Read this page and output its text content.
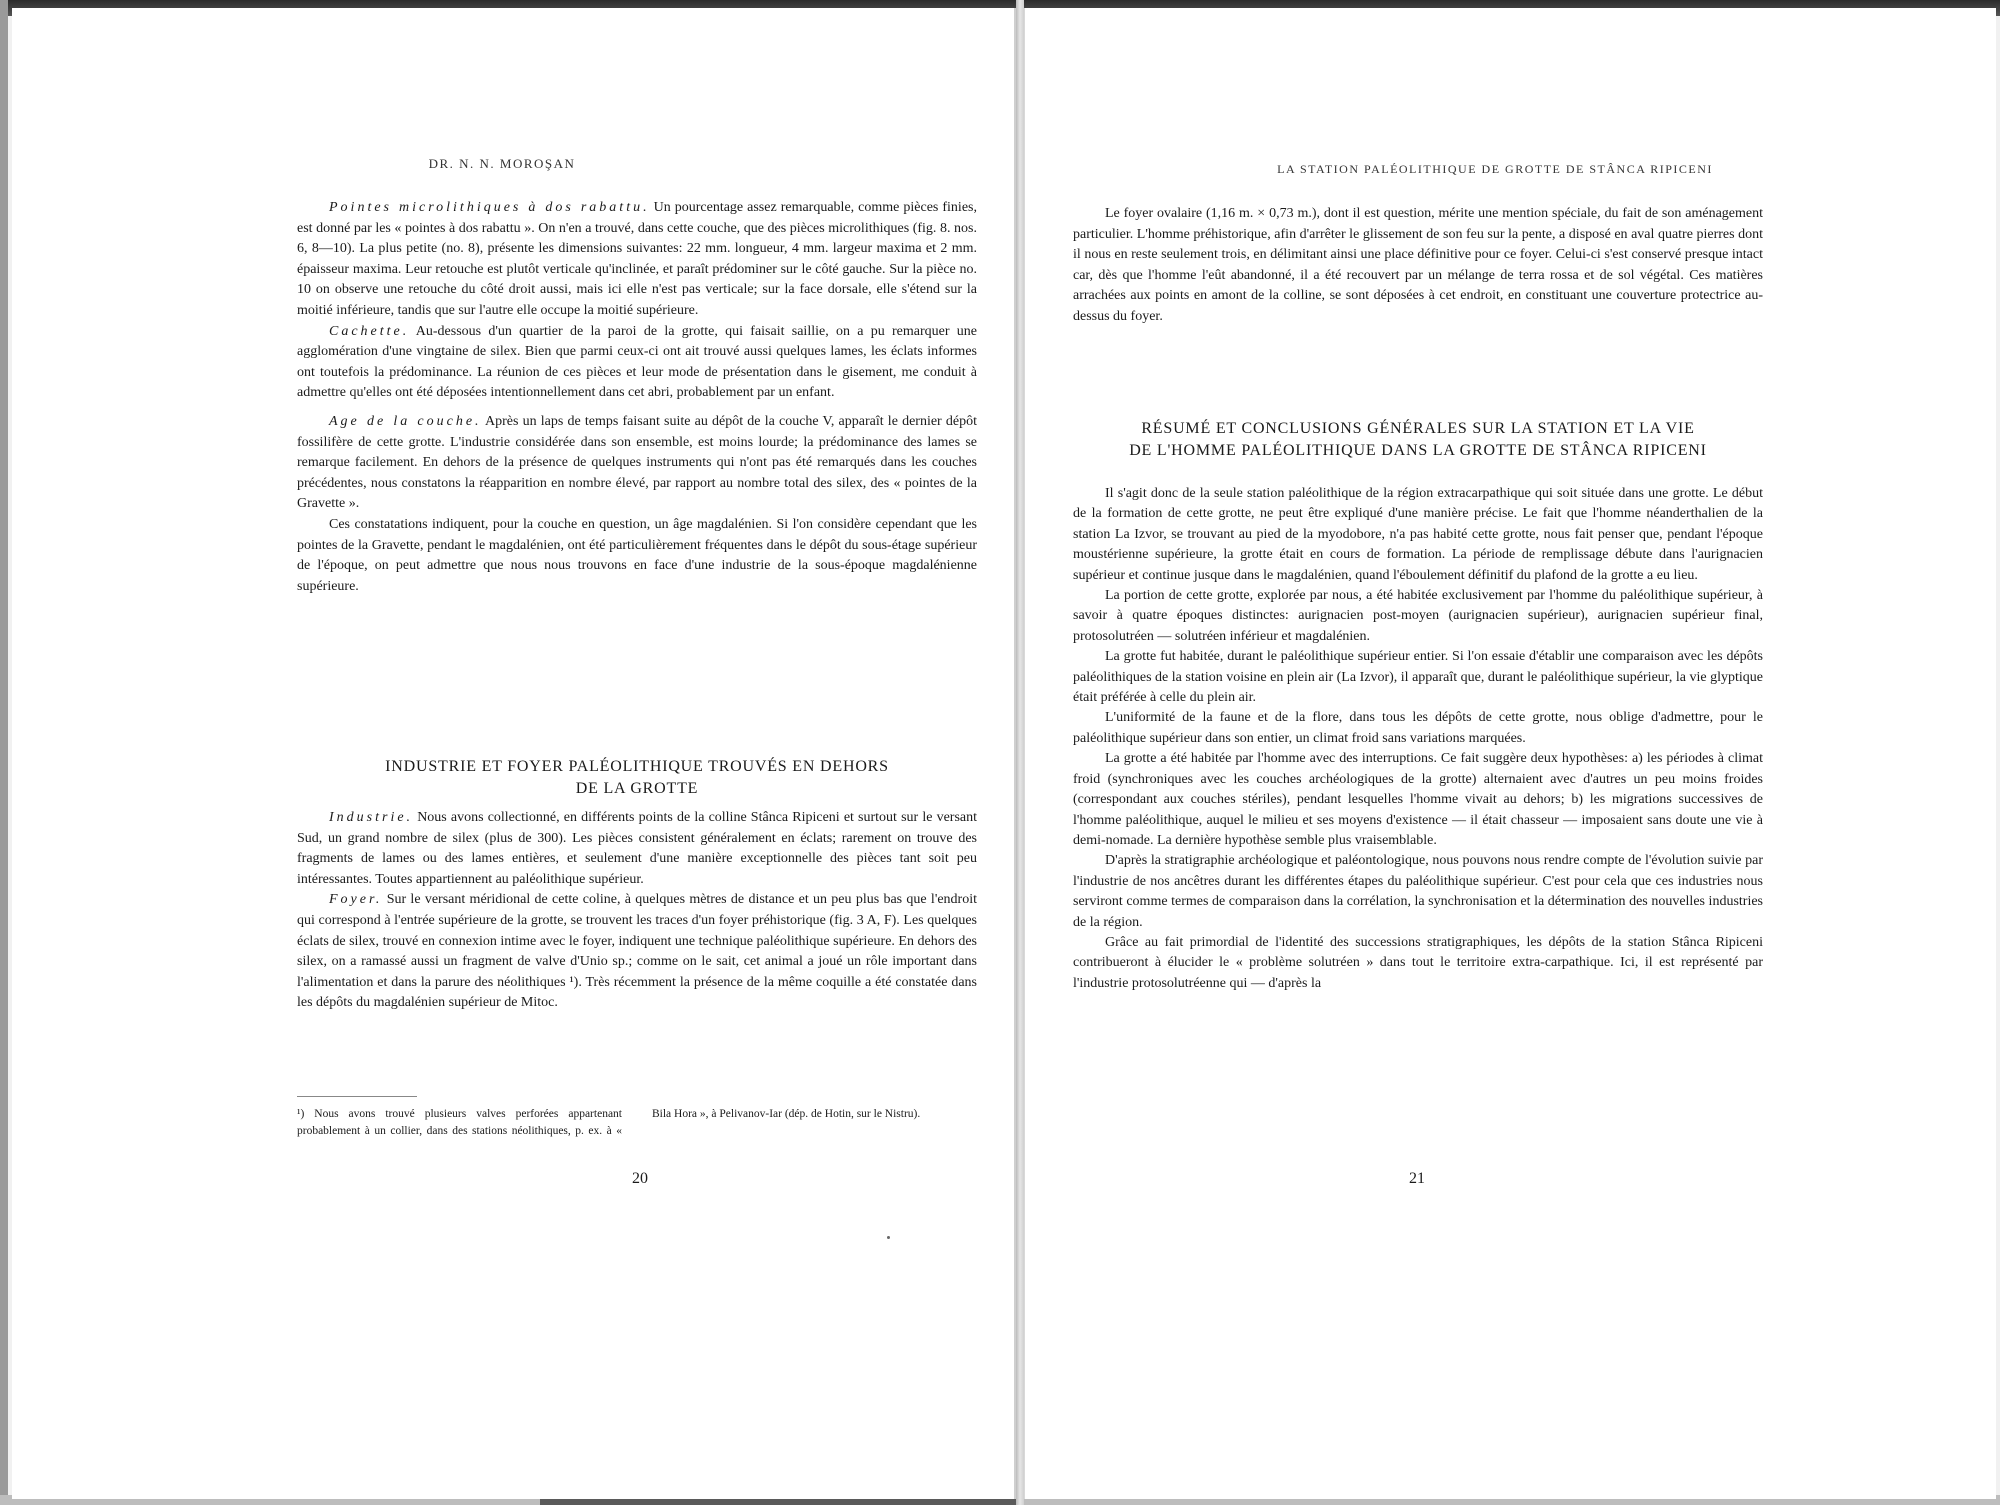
DR. N. N. MOROŞAN

Pointes microlithiques à dos rabattu. Un pourcentage assez remarquable, comme pièces finies, est donné par les « pointes à dos rabattu ». On n'en a trouvé, dans cette couche, que des pièces microlithiques (fig. 8. nos. 6, 8—10). La plus petite (no. 8), présente les dimensions suivantes: 22 mm. longueur, 4 mm. largeur maxima et 2 mm. épaisseur maxima. Leur retouche est plutôt verticale qu'inclinée, et paraît prédominer sur le côté gauche. Sur la pièce no. 10 on observe une retouche du côté droit aussi, mais ici elle n'est pas verticale; sur la face dorsale, elle s'étend sur la moitié inférieure, tandis que sur l'autre elle occupe la moitié supérieure.

Cachette. Au-dessous d'un quartier de la paroi de la grotte, qui faisait saillie, on a pu remarquer une agglomération d'une vingtaine de silex. Bien que parmi ceux-ci ont ait trouvé aussi quelques lames, les éclats informes ont toutefois la prédominance. La réunion de ces pièces et leur mode de présentation dans le gisement, me conduit à admettre qu'elles ont été déposées intentionnellement dans cet abri, probablement par un enfant.

Age de la couche. Après un laps de temps faisant suite au dépôt de la couche V, apparaît le dernier dépôt fossilifère de cette grotte. L'industrie considérée dans son ensemble, est moins lourde; la prédominance des lames se remarque facilement. En dehors de la présence de quelques instruments qui n'ont pas été remarqués dans les couches précédentes, nous constatons la réapparition en nombre élevé, par rapport au nombre total des silex, des « pointes de la Gravette ».

Ces constatations indiquent, pour la couche en question, un âge magdalénien. Si l'on considère cependant que les pointes de la Gravette, pendant le magdalénien, ont été particulièrement fréquentes dans le dépôt du sous-étage supérieur de l'époque, on peut admettre que nous nous trouvons en face d'une industrie de la sous-époque magdalénienne supérieure.

INDUSTRIE ET FOYER PALÉOLITHIQUE TROUVÉS EN DEHORS
DE LA GROTTE

Industrie. Nous avons collectionné, en différents points de la colline Stânca Ripiceni et surtout sur le versant Sud, un grand nombre de silex (plus de 300). Les pièces consistent généralement en éclats; rarement on trouve des fragments de lames ou des lames entières, et seulement d'une manière exceptionnelle des pièces tant soit peu intéressantes. Toutes appartiennent au paléolithique supérieur.

Foyer. Sur le versant méridional de cette coline, à quelques mètres de distance et un peu plus bas que l'endroit qui correspond à l'entrée supérieure de la grotte, se trouvent les traces d'un foyer préhistorique (fig. 3 A, F). Les quelques éclats de silex, trouvé en connexion intime avec le foyer, indiquent une technique paléolithique supérieure. En dehors des silex, on a ramassé aussi un fragment de valve d'Unio sp.; comme on le sait, cet animal a joué un rôle important dans l'alimentation et dans la parure des néolithiques ¹). Très récemment la présence de la même coquille a été constatée dans les dépôts du magdalénien supérieur de Mitoc.

¹) Nous avons trouvé plusieurs valves perforées appartenant probablement à un collier, dans des stations néolithiques, p. ex. à « Bila Hora », à Pelivanov-Iar (dép. de Hotin, sur le Nistru).
20
LA STATION PALÉOLITHIQUE DE GROTTE DE STÂNCA RIPICENI

Le foyer ovalaire (1,16 m. × 0,73 m.), dont il est question, mérite une mention spéciale, du fait de son aménagement particulier. L'homme préhistorique, afin d'arrêter le glissement de son feu sur la pente, a disposé en aval quatre pierres dont il nous en reste seulement trois, en délimitant ainsi une place définitive pour ce foyer. Celui-ci s'est conservé presque intact car, dès que l'homme l'eût abandonné, il a été recouvert par un mélange de terra rossa et de sol végétal. Ces matières arrachées aux points en amont de la colline, se sont déposées à cet endroit, en constituant une couverture protectrice au-dessus du foyer.

RÉSUMÉ ET CONCLUSIONS GÉNÉRALES SUR LA STATION ET LA VIE
DE L'HOMME PALÉOLITHIQUE DANS LA GROTTE DE STÂNCA RIPICENI

Il s'agit donc de la seule station paléolithique de la région extracarpathique qui soit située dans une grotte. Le début de la formation de cette grotte, ne peut être expliqué d'une manière précise. Le fait que l'homme néanderthalien de la station La Izvor, se trouvant au pied de la myodobore, n'a pas habité cette grotte, nous fait penser que, pendant l'époque moustérienne supérieure, la grotte était en cours de formation. La période de remplissage débute dans l'aurignacien supérieur et continue jusque dans le magdalénien, quand l'éboulement définitif du plafond de la grotte a eu lieu.

La portion de cette grotte, explorée par nous, a été habitée exclusivement par l'homme du paléolithique supérieur, à savoir à quatre époques distinctes: aurignacien post-moyen (aurignacien supérieur), aurignacien supérieur final, protosolutréen — solutréen inférieur et magdalénien.

La grotte fut habitée, durant le paléolithique supérieur entier. Si l'on essaie d'établir une comparaison avec les dépôts paléolithiques de la station voisine en plein air (La Izvor), il apparaît que, durant le paléolithique supérieur, la vie glyptique était préférée à celle du plein air.

L'uniformité de la faune et de la flore, dans tous les dépôts de cette grotte, nous oblige d'admettre, pour le paléolithique supérieur dans son entier, un climat froid sans variations marquées.

La grotte a été habitée par l'homme avec des interruptions. Ce fait suggère deux hypothèses: a) les périodes à climat froid (synchroniques avec les couches archéologiques de la grotte) alternaient avec d'autres un peu moins froides (correspondant aux couches stériles), pendant lesquelles l'homme vivait au dehors; b) les migrations successives de l'homme paléolithique, auquel le milieu et ses moyens d'existence — il était chasseur — imposaient sans doute une vie à demi-nomade. La dernière hypothèse semble plus vraisemblable.

D'après la stratigraphie archéologique et paléontologique, nous pouvons nous rendre compte de l'évolution suivie par l'industrie de nos ancêtres durant les différentes étapes du paléolithique supérieur. C'est pour cela que ces industries nous serviront comme termes de comparaison dans la corrélation, la synchronisation et la détermination des nouvelles industries de la région.

Grâce au fait primordial de l'identité des successions stratigraphiques, les dépôts de la station Stânca Ripiceni contribueront à élucider le « problème solutréen » dans tout le territoire extra-carpathique. Ici, il est représenté par l'industrie protosolutréenne qui — d'après la

21
